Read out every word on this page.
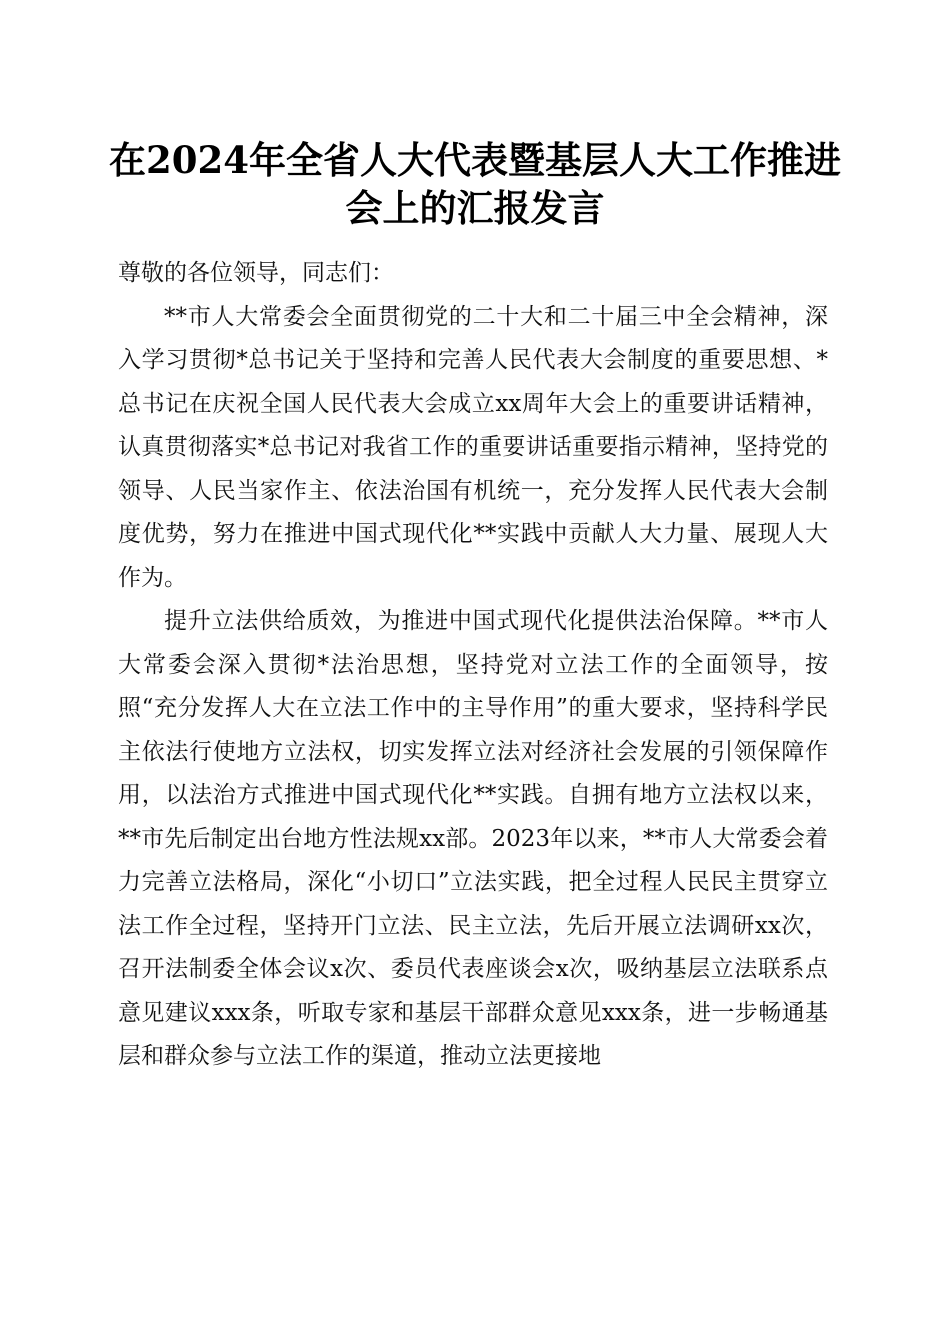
在2024年全省人大代表暨基层人大工作推进会上的汇报发言

尊敬的各位领导，同志们：

**市人大常委会全面贯彻党的二十大和二十届三中全会精神，深入学习贯彻*总书记关于坚持和完善人民代表大会制度的重要思想、*总书记在庆祝全国人民代表大会成立xx周年大会上的重要讲话精神，认真贯彻落实*总书记对我省工作的重要讲话重要指示精神，坚持党的领导、人民当家作主、依法治国有机统一，充分发挥人民代表大会制度优势，努力在推进中国式现代化**实践中贡献人大力量、展现人大作为。

提升立法供给质效，为推进中国式现代化提供法治保障。**市人大常委会深入贯彻*法治思想，坚持党对立法工作的全面领导，按照“充分发挥人大在立法工作中的主导作用”的重大要求，坚持科学民主依法行使地方立法权，切实发挥立法对经济社会发展的引领保障作用，以法治方式推进中国式现代化**实践。自拥有地方立法权以来，**市先后制定出台地方性法规xx部。2023年以来，**市人大常委会着力完善立法格局，深化“小切口”立法实践，把全过程人民民主贯穿立法工作全过程，坚持开门立法、民主立法，先后开展立法调研xx次，召开法制委全体会议x次、委员代表座谈会x次，吸纳基层立法联系点意见建议xxx条，听取专家和基层干部群众意见xxx条，进一步畅通基层和群众参与立法工作的渠道，推动立法更接地
